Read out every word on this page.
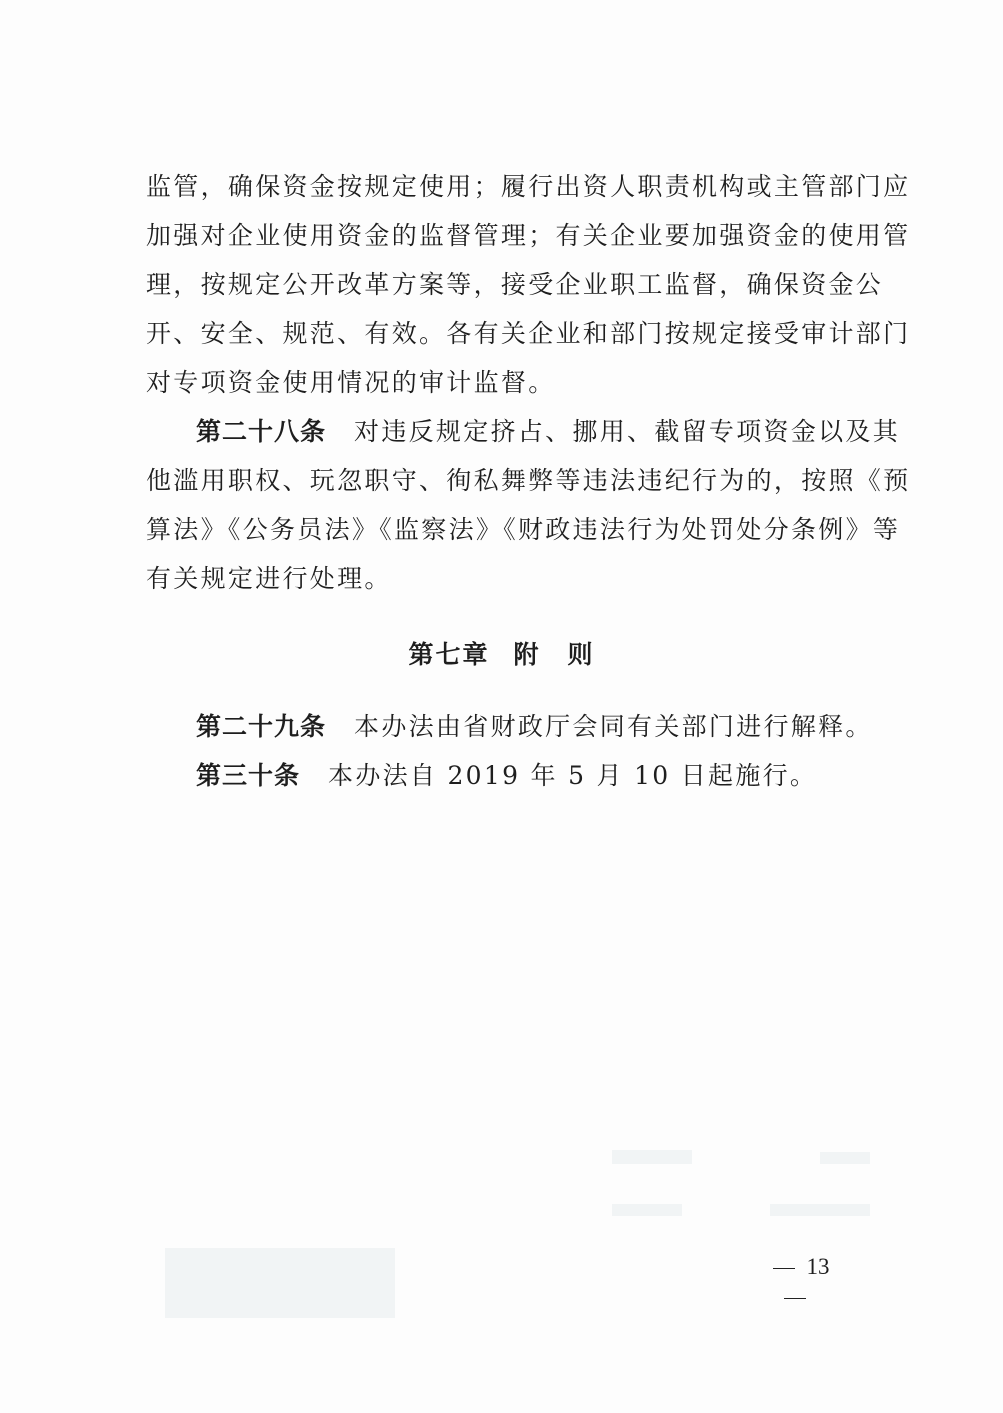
监管，确保资金按规定使用；履行出资人职责机构或主管部门应
加强对企业使用资金的监督管理；有关企业要加强资金的使用管
理，按规定公开改革方案等，接受企业职工监督，确保资金公
开、安全、规范、有效。各有关企业和部门按规定接受审计部门
对专项资金使用情况的审计监督。
第二十八条 对违反规定挤占、挪用、截留专项资金以及其
他滥用职权、玩忽职守、徇私舞弊等违法违纪行为的，按照《预
算法》《公务员法》《监察法》《财政违法行为处罚处分条例》等
有关规定进行处理。
第七章 附　则
第二十九条 本办法由省财政厅会同有关部门进行解释。
第三十条 本办法自 2019 年 5 月 10 日起施行。
13
